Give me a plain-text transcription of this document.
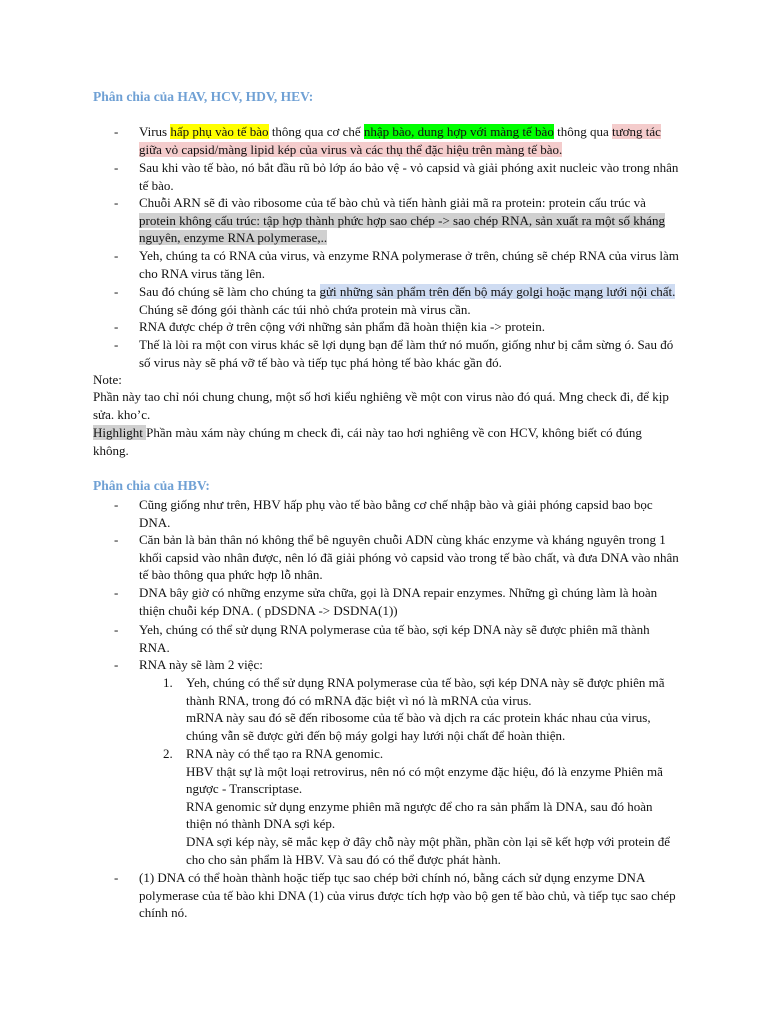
Phân chia của HAV, HCV, HDV, HEV:
- Virus hấp phụ vào tế bào thông qua cơ chế nhập bào, dung hợp với màng tế bào thông qua tương tác giữa vỏ capsid/màng lipid kép của virus và các thụ thể đặc hiệu trên màng tế bào.
- Sau khi vào tế bào, nó bắt đầu rũ bỏ lớp áo bảo vệ - vỏ capsid và giải phóng axit nucleic vào trong nhân tế bào.
- Chuỗi ARN sẽ đi vào ribosome của tế bào chủ và tiến hành giải mã ra protein: protein cấu trúc và protein không cấu trúc: tập hợp thành phức hợp sao chép -> sao chép RNA, sản xuất ra một số kháng nguyên, enzyme RNA polymerase,..
- Yeh, chúng ta có RNA của virus, và enzyme RNA polymerase ở trên, chúng sẽ chép RNA của virus làm cho RNA virus tăng lên.
- Sau đó chúng sẽ làm cho chúng ta gửi những sản phẩm trên đến bộ máy golgi hoặc mạng lưới nội chất. Chúng sẽ đóng gói thành các túi nhỏ chứa protein mà virus cần.
- RNA được chép ở trên cộng với những sản phẩm đã hoàn thiện kia -> protein.
- Thế là lòi ra một con virus khác sẽ lợi dụng bạn để làm thứ nó muốn, giống như bị cắm sừng ó. Sau đó số virus này sẽ phá vỡ tế bào và tiếp tục phá hỏng tế bào khác gần đó.
Note:
Phần này tao chỉ nói chung chung, một số hơi kiểu nghiêng về một con virus nào đó quá. Mng check đi, để kịp sửa. kho’c.
Highlight Phần màu xám này chúng m check đi, cái này tao hơi nghiêng về con HCV, không biết có đúng không.
Phân chia của HBV:
- Cũng giống như trên, HBV hấp phụ vào tế bào bằng cơ chế nhập bào và giải phóng capsid bao bọc DNA.
- Căn bản là bản thân nó không thể bê nguyên chuỗi ADN cùng khác enzyme và kháng nguyên trong 1 khối capsid vào nhân được, nên ló đã giải phóng vỏ capsid vào trong tế bào chất, và đưa DNA vào nhân tế bào thông qua phức hợp lỗ nhân.
- DNA bây giờ có những enzyme sửa chữa, gọi là DNA repair enzymes. Những gì chúng làm là hoàn thiện chuỗi kép DNA. ( pDSDNA -> DSDNA(1))
- Yeh, chúng có thể sử dụng RNA polymerase của tế bào, sợi kép DNA này sẽ được phiên mã thành RNA.
- RNA này sẽ làm 2 việc:
1. Yeh, chúng có thể sử dụng RNA polymerase của tế bào, sợi kép DNA này sẽ được phiên mã thành RNA, trong đó có mRNA đặc biệt vì nó là mRNA của virus.
mRNA này sau đó sẽ đến ribosome của tế bào và dịch ra các protein khác nhau của virus, chúng vẫn sẽ được gửi đến bộ máy golgi hay lưới nội chất để hoàn thiện.
2. RNA này có thể tạo ra RNA genomic.
HBV thật sự là một loại retrovirus, nên nó có một enzyme đặc hiệu, đó là enzyme Phiên mã ngược - Transcriptase.
RNA genomic sử dụng enzyme phiên mã ngược để cho ra sản phẩm là DNA, sau đó hoàn thiện nó thành DNA sợi kép.
DNA sợi kép này, sẽ mắc kẹp ở đây chỗ này một phần, phần còn lại sẽ kết hợp với protein để cho cho sản phẩm là HBV. Và sau đó có thể được phát hành.
- (1) DNA có thể hoàn thành hoặc tiếp tục sao chép bởi chính nó, bằng cách sử dụng enzyme DNA polymerase của tế bào khi DNA (1) của virus được tích hợp vào bộ gen tế bào chủ, và tiếp tục sao chép chính nó.
